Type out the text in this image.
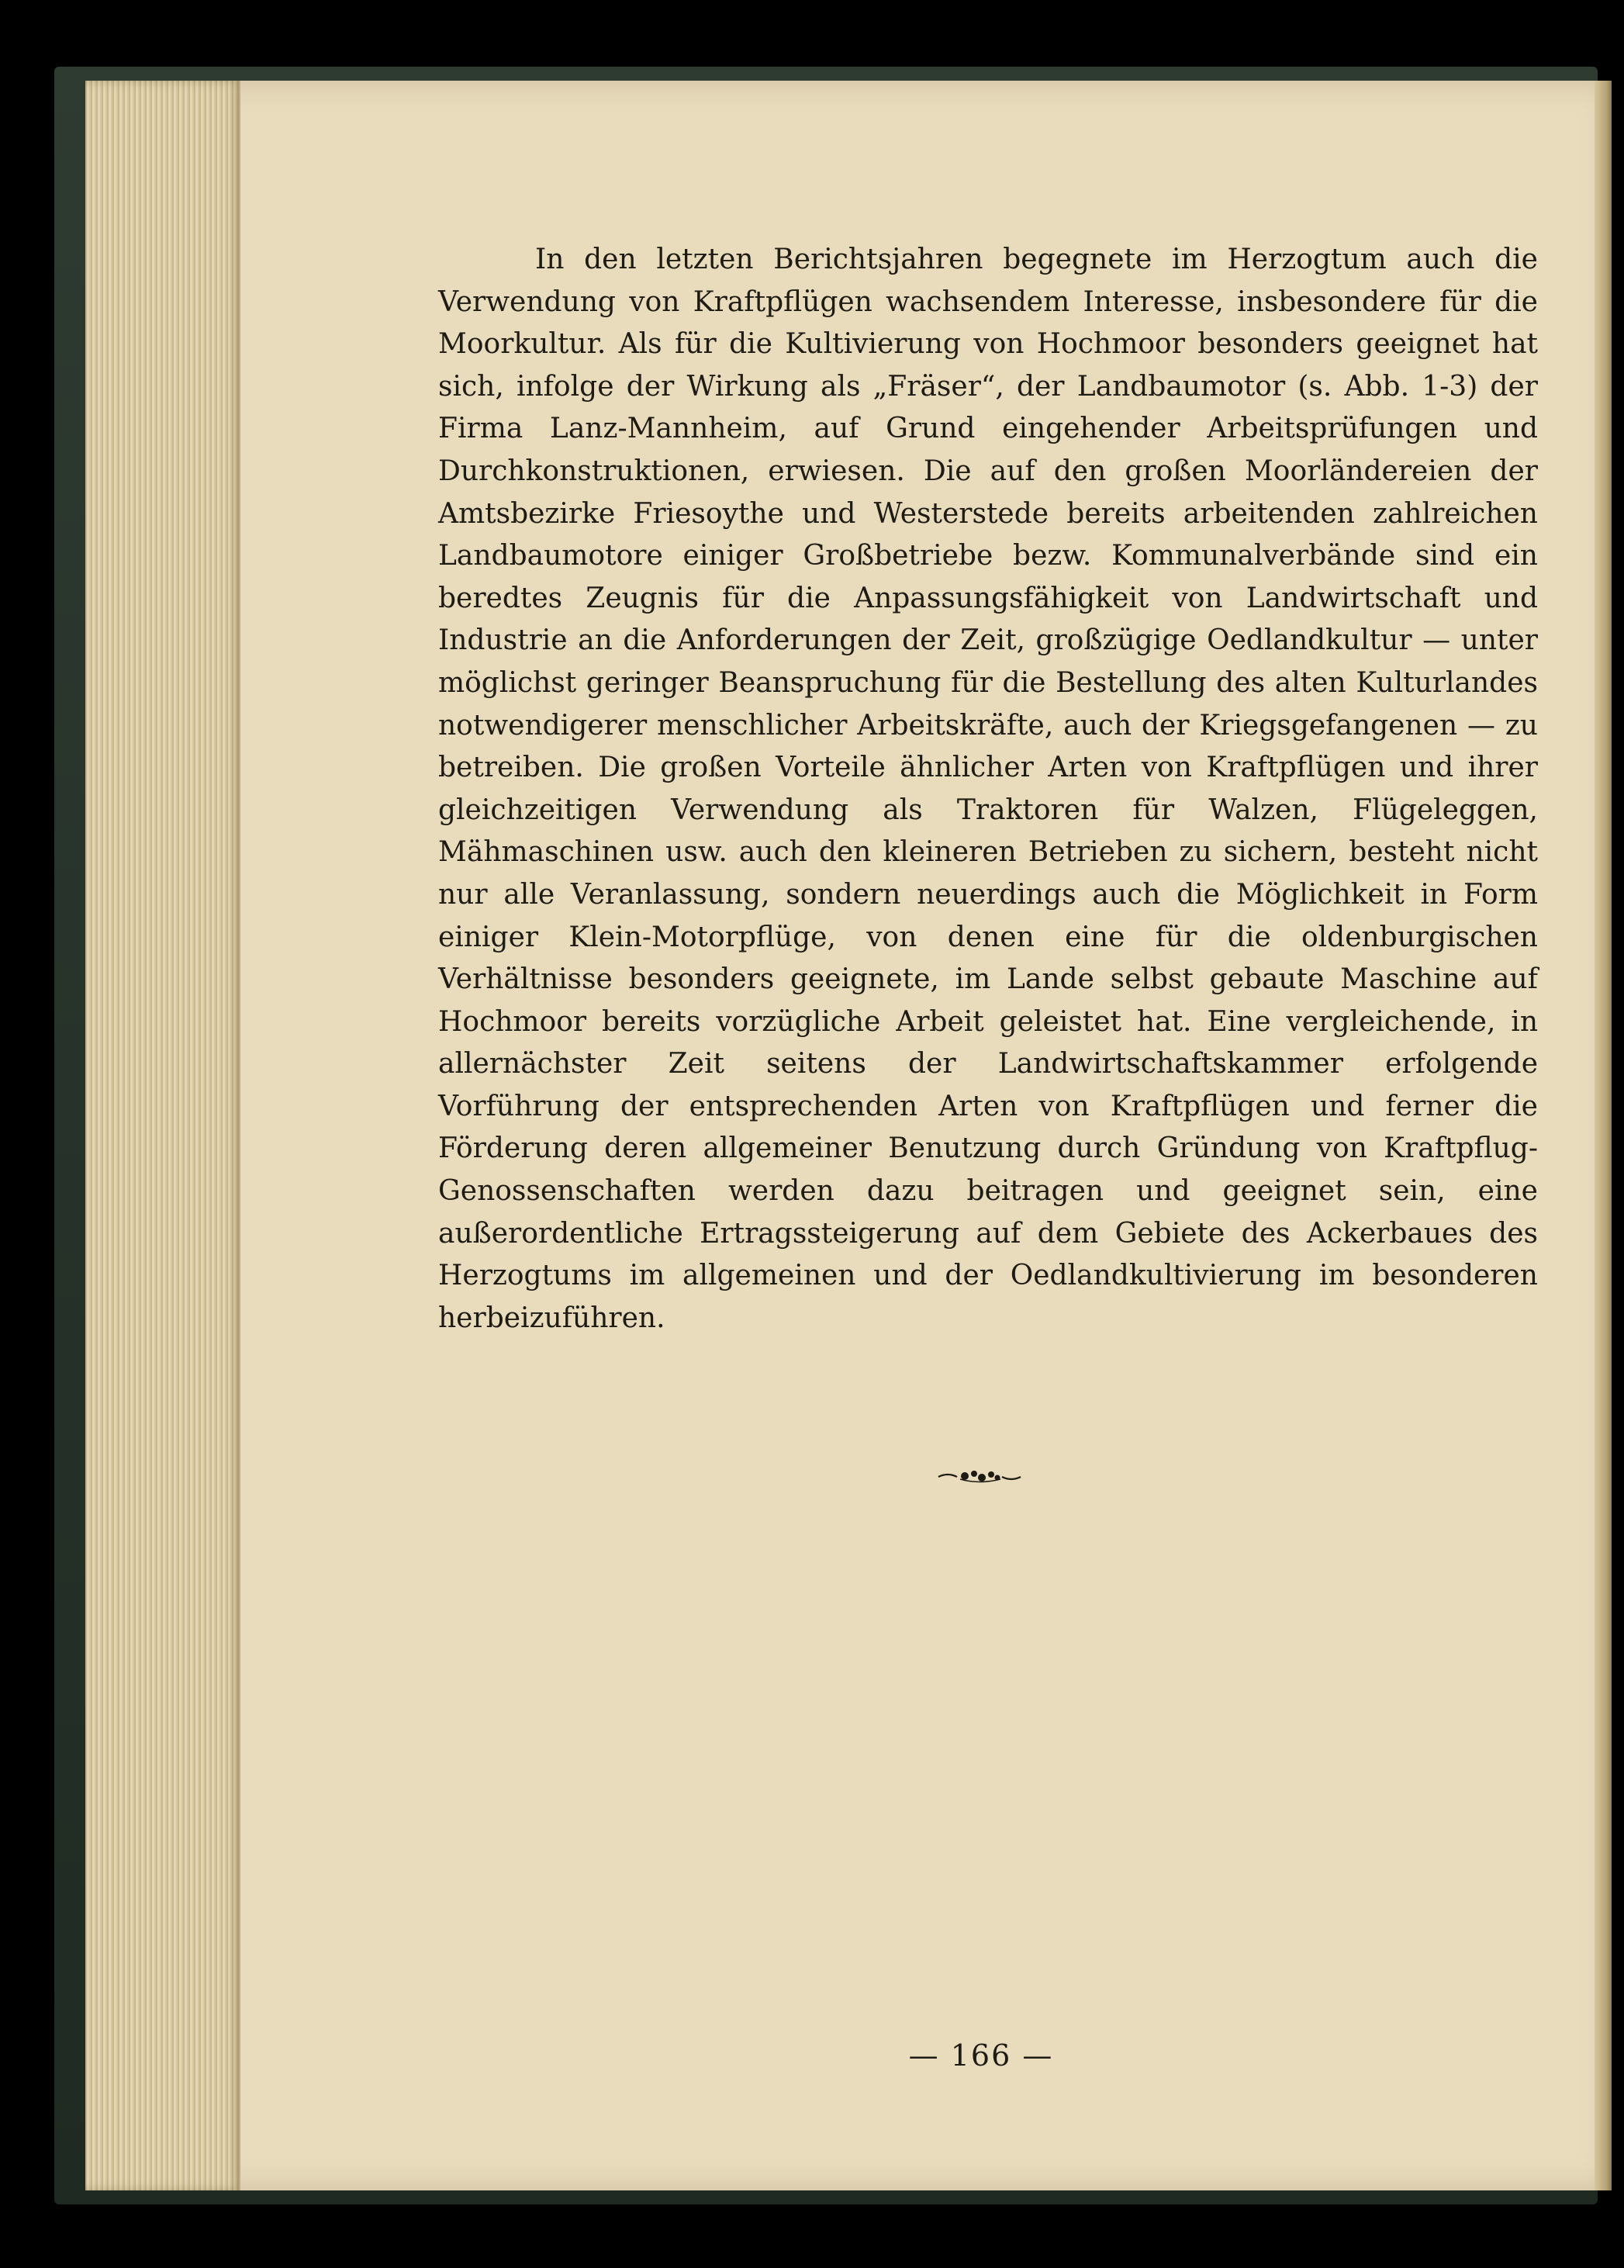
In den letzten Berichtsjahren begegnete im Herzogtum auch die Verwendung von Kraftpflügen wachsendem Interesse, insbesondere für die Moorkultur. Als für die Kultivierung von Hochmoor besonders geeignet hat sich, infolge der Wirkung als „Fräser“, der Landbaumotor (s. Abb. 1-3) der Firma Lanz-Mannheim, auf Grund eingehender Arbeitsprüfungen und Durchkonstruktionen, erwiesen. Die auf den großen Moorländereien der Amtsbezirke Friesoythe und Westerstede bereits arbeitenden zahlreichen Landbaumotore einiger Großbetriebe bezw. Kommunalverbände sind ein beredtes Zeugnis für die Anpassungsfähigkeit von Landwirtschaft und Industrie an die Anforderungen der Zeit, großzügige Oedlandkultur — unter möglichst geringer Beanspruchung für die Bestellung des alten Kulturlandes notwendigerer menschlicher Arbeitskräfte, auch der Kriegsgefangenen — zu betreiben. Die großen Vorteile ähnlicher Arten von Kraftpflügen und ihrer gleichzeitigen Verwendung als Traktoren für Walzen, Flügeleggen, Mähmaschinen usw. auch den kleineren Betrieben zu sichern, besteht nicht nur alle Veranlassung, sondern neuerdings auch die Möglichkeit in Form einiger Klein-Motorpflüge, von denen eine für die oldenburgischen Verhältnisse besonders geeignete, im Lande selbst gebaute Maschine auf Hochmoor bereits vorzügliche Arbeit geleistet hat. Eine vergleichende, in allernächster Zeit seitens der Landwirtschaftskammer erfolgende Vorführung der entsprechenden Arten von Kraftpflügen und ferner die Förderung deren allgemeiner Benutzung durch Gründung von Kraftpflug-Genossenschaften werden dazu beitragen und geeignet sein, eine außerordentliche Ertragssteigerung auf dem Gebiete des Ackerbaues des Herzogtums im allgemeinen und der Oedlandkultivierung im besonderen herbeizuführen.

— 166 —
